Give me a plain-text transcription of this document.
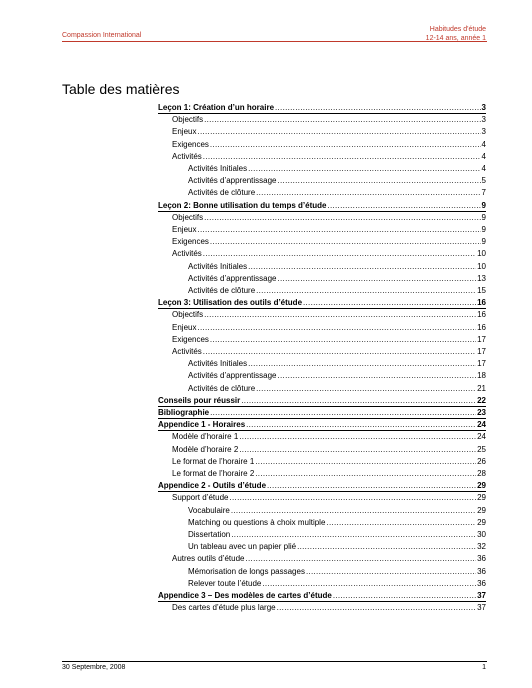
Compassion International
Habitudes d'étude
12-14 ans, année 1
Table des matières
Leçon 1: Création d’un horaire .....	3
Objectifs .....	3
Enjeux .....	3
Exigences .....	4
Activités .....	4
Activités Initiales .....	4
Activités d’apprentissage .....	5
Activités de clôture .....	7
Leçon 2: Bonne utilisation du temps d’étude .....	9
Objectifs .....	9
Enjeux .....	9
Exigences .....	9
Activités .....	10
Activités Initiales .....	10
Activités d’apprentissage .....	13
Activités de clôture .....	15
Leçon 3: Utilisation des outils d’étude .....	16
Objectifs .....	16
Enjeux .....	16
Exigences .....	17
Activités .....	17
Activités Initiales .....	17
Activités d’apprentissage .....	18
Activités de clôture .....	21
Conseils pour réussir .....	22
Bibliographie .....	23
Appendice 1 - Horaires .....	24
Modèle d’horaire 1 .....	24
Modèle d’horaire 2 .....	25
Le format de l’horaire 1 .....	26
Le format de l’horaire 2 .....	28
Appendice 2 - Outils d’étude .....	29
Support d’étude .....	29
Vocabulaire .....	29
Matching ou questions à choix multiple .....	29
Dissertation .....	30
Un tableau avec un papier plié .....	32
Autres outils d’étude .....	36
Mémorisation de longs passages .....	36
Relever toute l’étude .....	36
Appendice 3 – Des modèles de cartes d’étude .....	37
Des cartes d’étude plus large .....	37
30 Septembre, 2008	1
